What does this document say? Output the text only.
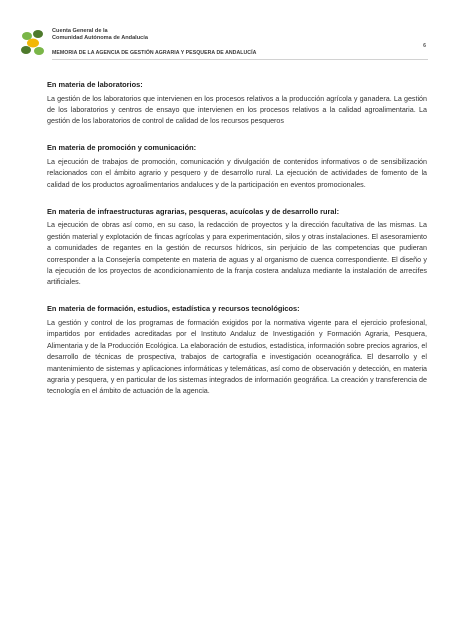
Cuenta General de la
Comunidad Autónoma de Andalucía
6
MEMORIA DE LA AGENCIA DE GESTIÓN AGRARIA Y PESQUERA DE ANDALUCÍA
En materia de laboratorios:

La gestión de los laboratorios que intervienen en los procesos relativos a la producción agrícola y ganadera. La gestión de los laboratorios y centros de ensayo que intervienen en los procesos relativos a la calidad agroalimentaria. La gestión de los laboratorios de control de calidad de los recursos pesqueros

En materia de promoción y comunicación:

La ejecución de trabajos de promoción, comunicación y divulgación de contenidos informativos o de sensibilización relacionados con el ámbito agrario y pesquero y de desarrollo rural. La ejecución de actividades de fomento de la calidad de los productos agroalimentarios andaluces y de la participación en eventos promocionales.

En materia de infraestructuras agrarias, pesqueras, acuícolas y de desarrollo rural:

La ejecución de obras así como, en su caso, la redacción de proyectos y la dirección facultativa de las mismas. La gestión material y explotación de fincas agrícolas y para experimentación, silos y otras instalaciones. El asesoramiento a comunidades de regantes en la gestión de recursos hídricos, sin perjuicio de las competencias que pudieran corresponder a la Consejería competente en materia de aguas y al organismo de cuenca correspondiente. El diseño y la ejecución de los proyectos de acondicionamiento de la franja costera andaluza mediante la instalación de arrecifes artificiales.

En materia de formación, estudios, estadística y recursos tecnológicos:

La gestión y control de los programas de formación exigidos por la normativa vigente para el ejercicio profesional, impartidos por entidades acreditadas por el Instituto Andaluz de Investigación y Formación Agraria, Pesquera, Alimentaria y de la Producción Ecológica. La elaboración de estudios, estadística, información sobre precios agrarios, el desarrollo de técnicas de prospectiva, trabajos de cartografía e investigación oceanográfica. El desarrollo y el mantenimiento de sistemas y aplicaciones informáticas y telemáticas, así como de observación y detección, en materia agraria y pesquera, y en particular de los sistemas integrados de información geográfica. La creación y transferencia de tecnología en el ámbito de actuación de la agencia.
